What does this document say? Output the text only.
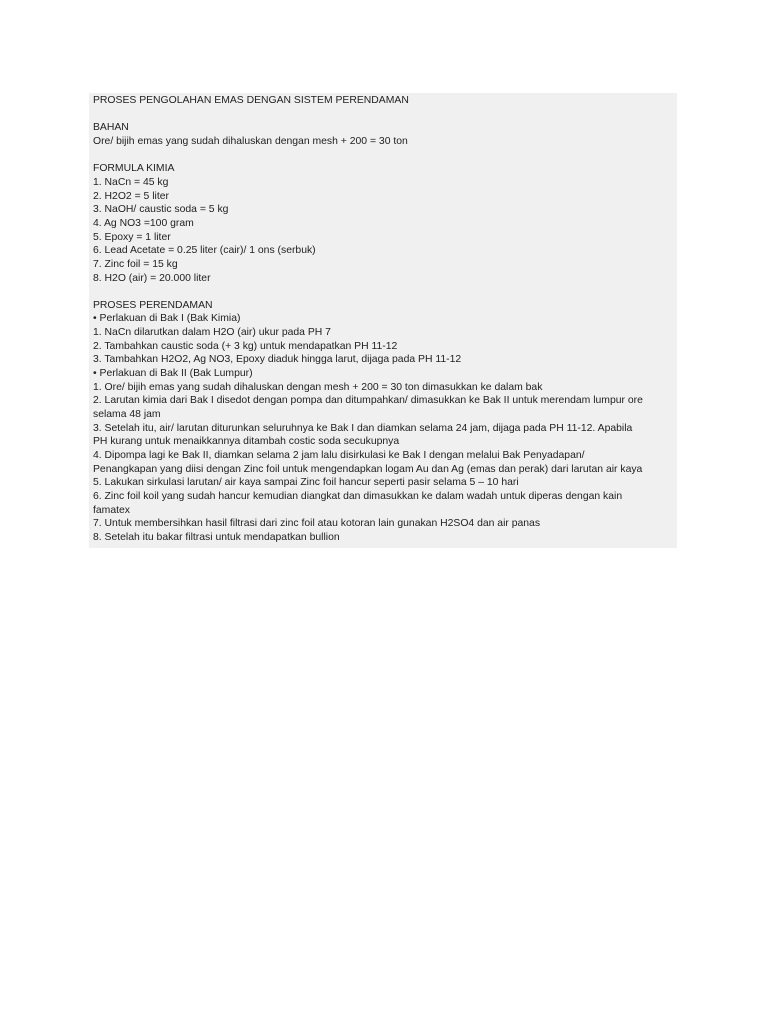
PROSES PENGOLAHAN EMAS DENGAN SISTEM PERENDAMAN
BAHAN
Ore/ bijih emas yang sudah dihaluskan dengan mesh + 200 = 30 ton
FORMULA KIMIA
1. NaCn = 45 kg
2. H2O2 = 5 liter
3. NaOH/ caustic soda = 5 kg
4. Ag NO3 =100 gram
5. Epoxy = 1 liter
6. Lead Acetate = 0.25 liter (cair)/ 1 ons (serbuk)
7. Zinc foil = 15 kg
8. H2O (air) = 20.000 liter
PROSES PERENDAMAN
• Perlakuan di Bak I (Bak Kimia)
1. NaCn dilarutkan dalam H2O (air) ukur pada PH 7
2. Tambahkan caustic soda (+ 3 kg) untuk mendapatkan PH 11-12
3. Tambahkan H2O2, Ag NO3, Epoxy diaduk hingga larut, dijaga pada PH 11-12
• Perlakuan di Bak II (Bak Lumpur)
1. Ore/ bijih emas yang sudah dihaluskan dengan mesh + 200 = 30 ton dimasukkan ke dalam bak
2. Larutan kimia dari Bak I disedot dengan pompa dan ditumpahkan/ dimasukkan ke Bak II untuk merendam lumpur ore
selama 48 jam
3. Setelah itu, air/ larutan diturunkan seluruhnya ke Bak I dan diamkan selama 24 jam, dijaga pada PH 11-12. Apabila
PH kurang untuk menaikkannya ditambah costic soda secukupnya
4. Dipompa lagi ke Bak II, diamkan selama 2 jam lalu disirkulasi ke Bak I dengan melalui Bak Penyadapan/
Penangkapan yang diisi dengan Zinc foil untuk mengendapkan logam Au dan Ag (emas dan perak) dari larutan air kaya
5. Lakukan sirkulasi larutan/ air kaya sampai Zinc foil hancur seperti pasir selama 5 – 10 hari
6. Zinc foil koil yang sudah hancur kemudian diangkat dan dimasukkan ke dalam wadah untuk diperas dengan kain
famatex
7. Untuk membersihkan hasil filtrasi dari zinc foil atau kotoran lain gunakan H2SO4 dan air panas
8. Setelah itu bakar filtrasi untuk mendapatkan bullion
